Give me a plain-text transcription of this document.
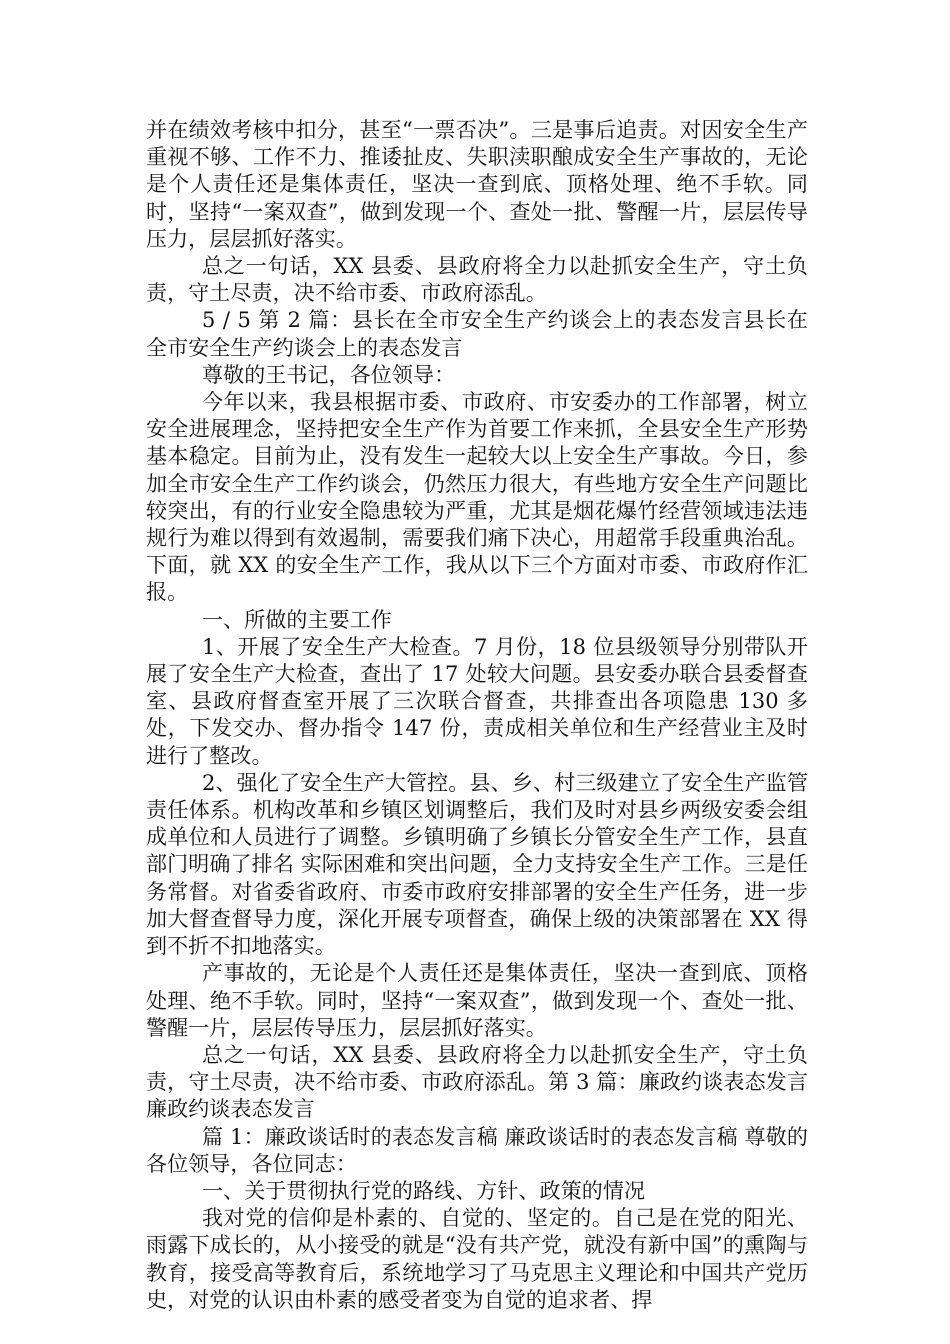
并在绩效考核中扣分，甚至“一票否决”。三是事后追责。对因安全生产重视不够、工作不力、推诿扯皮、失职渎职酿成安全生产事故的，无论是个人责任还是集体责任，坚决一查到底、顶格处理、绝不手软。同时，坚持“一案双查”，做到发现一个、查处一批、警醒一片，层层传导压力，层层抓好落实。

总之一句话，XX 县委、县政府将全力以赴抓安全生产，守土负责，守土尽责，决不给市委、市政府添乱。

5 / 5 第 2 篇：县长在全市安全生产约谈会上的表态发言县长在全市安全生产约谈会上的表态发言

尊敬的王书记，各位领导：

今年以来，我县根据市委、市政府、市安委办的工作部署，树立安全进展理念，坚持把安全生产作为首要工作来抓，全县安全生产形势基本稳定。目前为止，没有发生一起较大以上安全生产事故。今日，参加全市安全生产工作约谈会，仍然压力很大，有些地方安全生产问题比较突出，有的行业安全隐患较为严重，尤其是烟花爆竹经营领域违法违规行为难以得到有效遏制，需要我们痛下决心，用超常手段重典治乱。下面，就 XX 的安全生产工作，我从以下三个方面对市委、市政府作汇报。

一、所做的主要工作

1、开展了安全生产大检查。7 月份，18 位县级领导分别带队开展了安全生产大检查，查出了 17 处较大问题。县安委办联合县委督查室、县政府督查室开展了三次联合督查，共排查出各项隐患 130 多处，下发交办、督办指令 147 份，责成相关单位和生产经营业主及时进行了整改。

2、强化了安全生产大管控。县、乡、村三级建立了安全生产监管责任体系。机构改革和乡镇区划调整后，我们及时对县乡两级安委会组成单位和人员进行了调整。乡镇明确了乡镇长分管安全生产工作，县直部门明确了排名 实际困难和突出问题，全力支持安全生产工作。三是任务常督。对省委省政府、市委市政府安排部署的安全生产任务，进一步加大督查督导力度，深化开展专项督查，确保上级的决策部署在 XX 得到不折不扣地落实。

产事故的，无论是个人责任还是集体责任，坚决一查到底、顶格处理、绝不手软。同时，坚持“一案双查”，做到发现一个、查处一批、警醒一片，层层传导压力，层层抓好落实。

总之一句话，XX 县委、县政府将全力以赴抓安全生产，守土负责，守土尽责，决不给市委、市政府添乱。第 3 篇：廉政约谈表态发言廉政约谈表态发言

篇 1：廉政谈话时的表态发言稿 廉政谈话时的表态发言稿 尊敬的各位领导，各位同志：

一、关于贯彻执行党的路线、方针、政策的情况

我对党的信仰是朴素的、自觉的、坚定的。自己是在党的阳光、雨露下成长的，从小接受的就是“没有共产党，就没有新中国”的熏陶与教育，接受高等教育后，系统地学习了马克思主义理论和中国共产党历史，对党的认识由朴素的感受者变为自觉的追求者、捍
